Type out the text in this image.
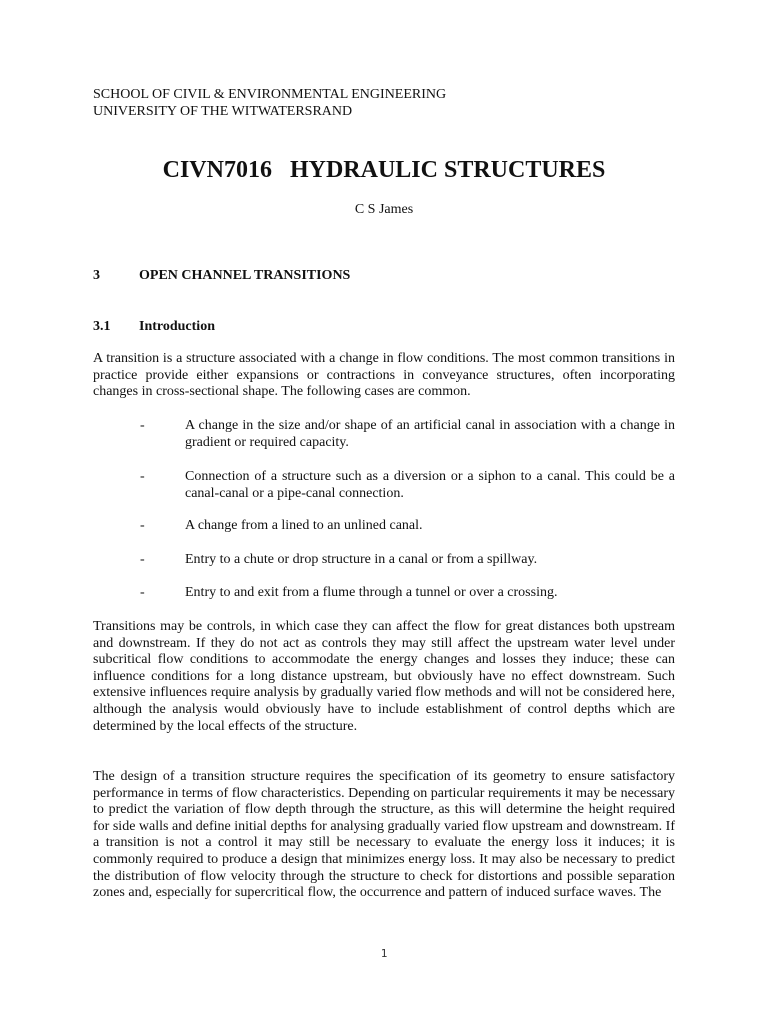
SCHOOL OF CIVIL & ENVIRONMENTAL ENGINEERING
UNIVERSITY OF THE WITWATERSRAND
CIVN7016   HYDRAULIC STRUCTURES
C S James
3	OPEN CHANNEL TRANSITIONS
3.1 Introduction
A transition is a structure associated with a change in flow conditions. The most common transitions in practice provide either expansions or contractions in conveyance structures, often incorporating changes in cross-sectional shape. The following cases are common.
-	A change in the size and/or shape of an artificial canal in association with a change in gradient or required capacity.
-	Connection of a structure such as a diversion or a siphon to a canal. This could be a canal-canal or a pipe-canal connection.
-	A change from a lined to an unlined canal.
-	Entry to a chute or drop structure in a canal or from a spillway.
-	Entry to and exit from a flume through a tunnel or over a crossing.
Transitions may be controls, in which case they can affect the flow for great distances both upstream and downstream. If they do not act as controls they may still affect the upstream water level under subcritical flow conditions to accommodate the energy changes and losses they induce; these can influence conditions for a long distance upstream, but obviously have no effect downstream. Such extensive influences require analysis by gradually varied flow methods and will not be considered here, although the analysis would obviously have to include establishment of control depths which are determined by the local effects of the structure.
The design of a transition structure requires the specification of its geometry to ensure satisfactory performance in terms of flow characteristics. Depending on particular requirements it may be necessary to predict the variation of flow depth through the structure, as this will determine the height required for side walls and define initial depths for analysing gradually varied flow upstream and downstream. If a transition is not a control it may still be necessary to evaluate the energy loss it induces; it is commonly required to produce a design that minimizes energy loss. It may also be necessary to predict the distribution of flow velocity through the structure to check for distortions and possible separation zones and, especially for supercritical flow, the occurrence and pattern of induced surface waves. The
1
